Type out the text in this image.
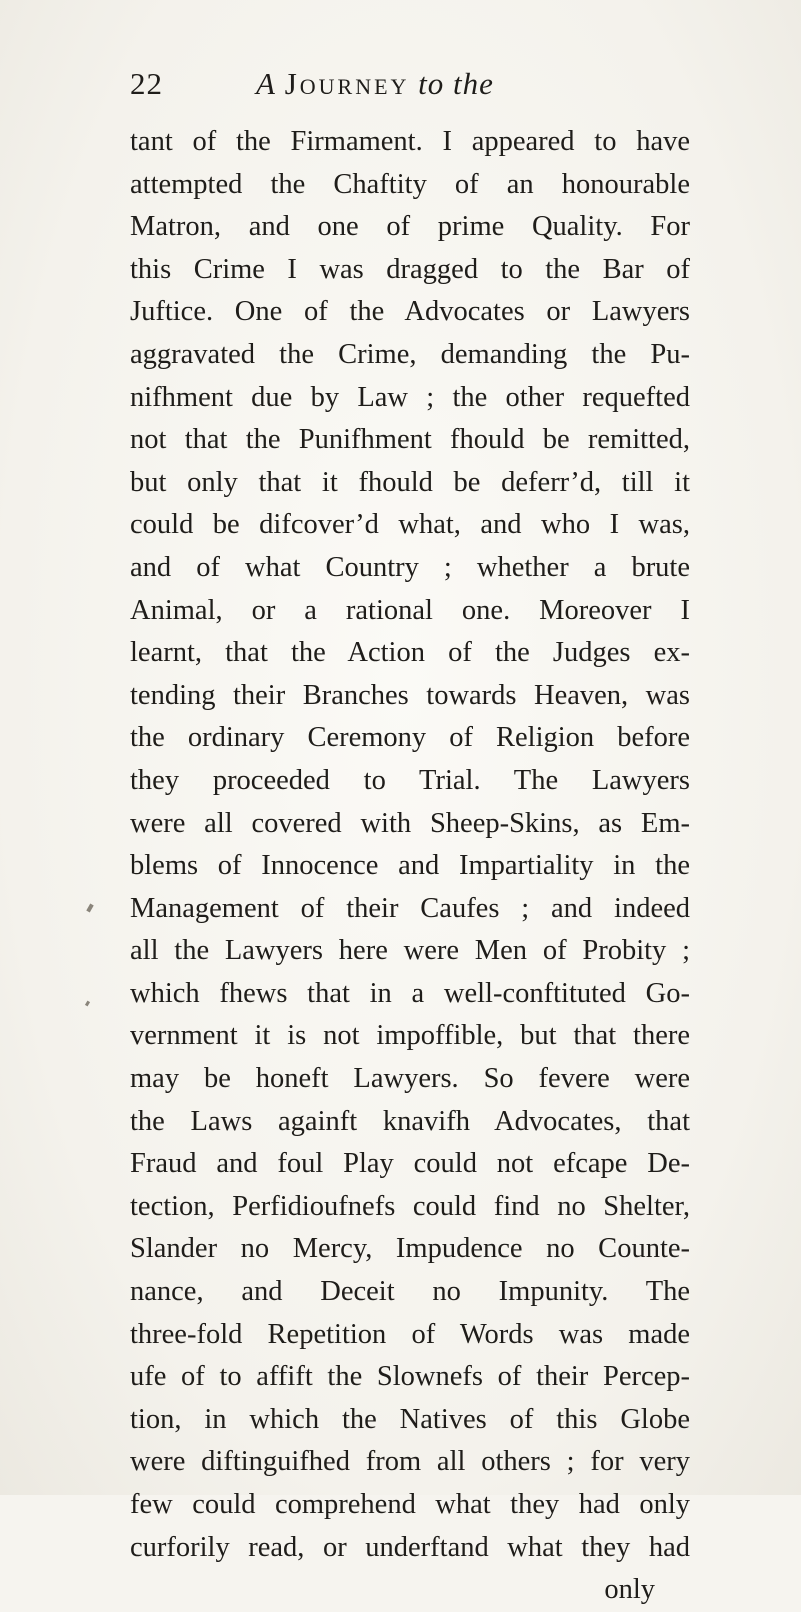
22	A Journey to the
tant of the Firmament. I appeared to have
attempted the Chaftity of an honourable
Matron, and one of prime Quality. For
this Crime I was dragged to the Bar of
Juftice. One of the Advocates or Lawyers
aggravated the Crime, demanding the Pu-
nifhment due by Law ; the other requefted
not that the Punifhment fhould be remitted,
but only that it fhould be deferr’d, till it
could be difcover’d what, and who I was,
and of what Country ; whether a brute
Animal, or a rational one. Moreover I
learnt, that the Action of the Judges ex-
tending their Branches towards Heaven, was
the ordinary Ceremony of Religion before
they proceeded to Trial. The Lawyers
were all covered with Sheep-Skins, as Em-
blems of Innocence and Impartiality in the
Management of their Caufes ; and indeed
all the Lawyers here were Men of Probity ;
which fhews that in a well-conftituted Go-
vernment it is not impoffible, but that there
may be honeft Lawyers. So fevere were
the Laws againft knavifh Advocates, that
Fraud and foul Play could not efcape De-
tection, Perfidioufnefs could find no Shelter,
Slander no Mercy, Impudence no Counte-
nance, and Deceit no Impunity. The
three-fold Repetition of Words was made
ufe of to affift the Slownefs of their Percep-
tion, in which the Natives of this Globe
were diftinguifhed from all others ; for very
few could comprehend what they had only
curforily read, or underftand what they had
only
